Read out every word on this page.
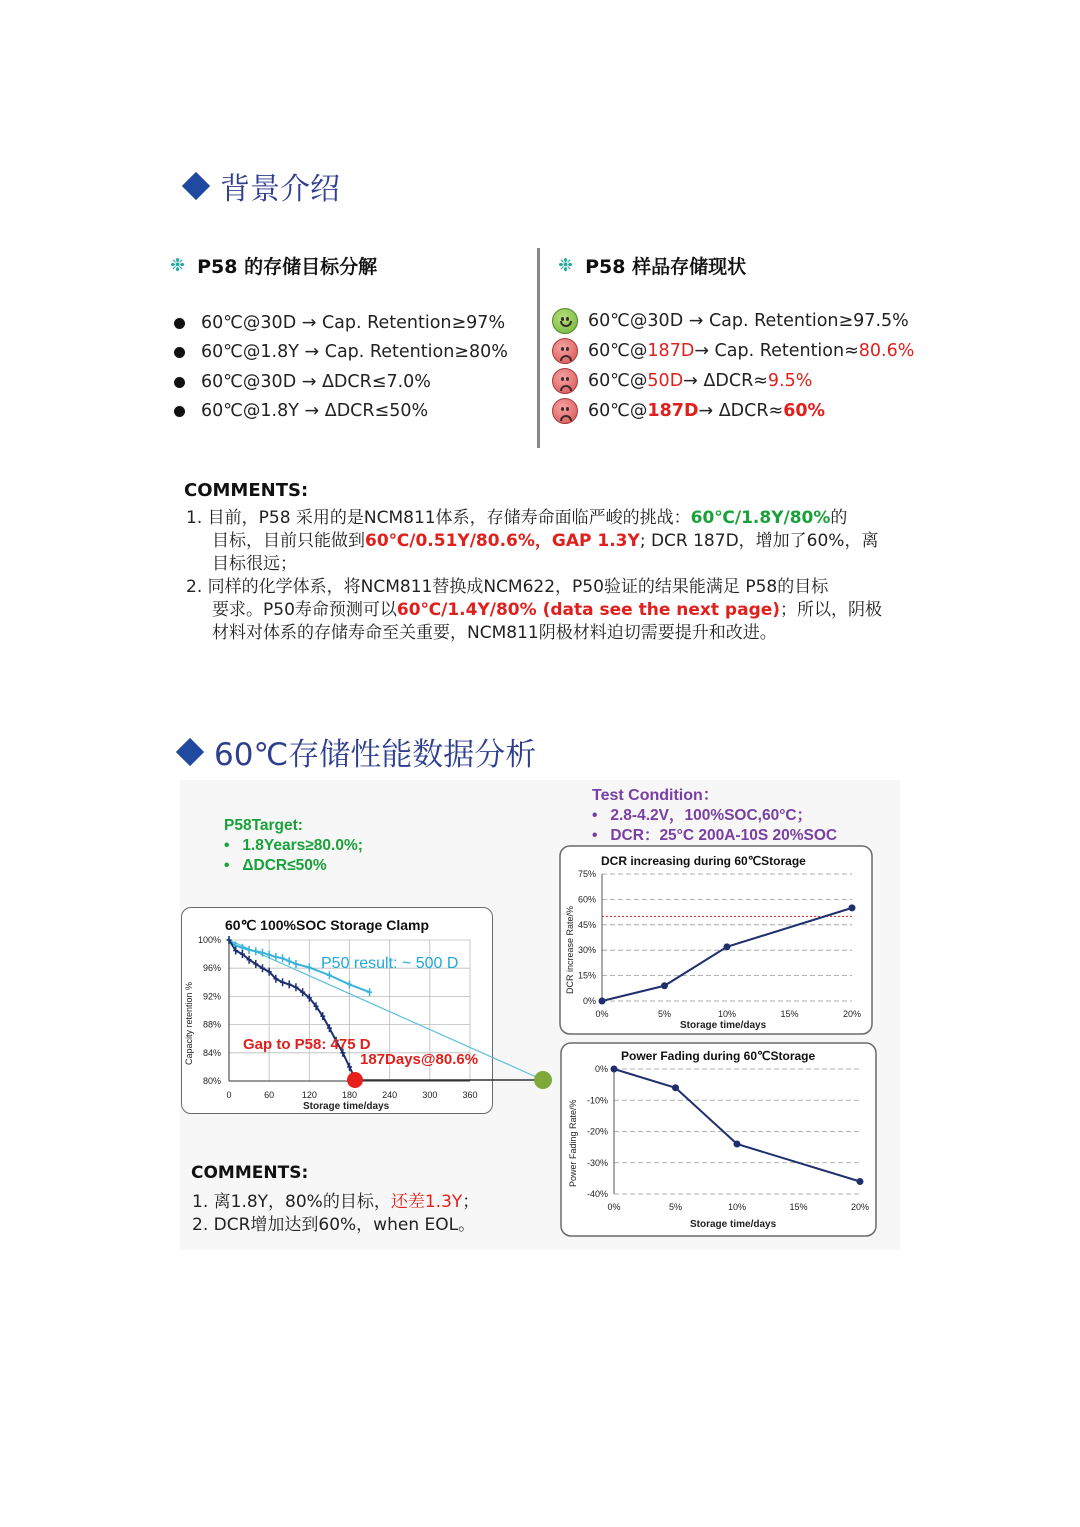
背景介绍
❉ P58 的存储目标分解
60℃@30D → Cap. Retention≥97%
60℃@1.8Y → Cap. Retention≥80%
60℃@30D → ΔDCR≤7.0%
60℃@1.8Y → ΔDCR≤50%
❉ P58 样品存储现状
60℃@30D → Cap. Retention≥97.5%
60℃@ 187D → Cap. Retention≈ 80.6%
60℃@ 50D → ΔDCR≈ 9.5%
60℃@ 187D → ΔDCR≈ 60%
COMMENTS:
1. 目前，P58 采用的是NCM811体系，存储寿命面临严峻的挑战：60℃/1.8Y/80%的
目标，目前只能做到60℃/0.51Y/80.6%，GAP 1.3Y; DCR 187D，增加了60%，离
目标很远；
2. 同样的化学体系，将NCM811替换成NCM622，P50验证的结果能满足 P58的目标
要求。P50寿命预测可以60℃/1.4Y/80% (data see the next page)；所以，阴极
材料对体系的存储寿命至关重要，NCM811阴极材料迫切需要提升和改进。
60℃存储性能数据分析
Test Condition：
•   2.8-4.2V，100%SOC,60°C；
•   DCR：25°C 200A-10S 20%SOC
P58Target:
•   1.8Years≥80.0%;
•   ΔDCR≤50%
60℃ 100%SOC Storage Clamp
Capacity retention %
Storage time/days
100%
96%
92%
88%
84%
80%
0	60	120	180	240	300	360
P50 result: ~ 500 D
Gap to P58: 475 D
187Days@80.6%
DCR increasing during 60℃Storage
DCR increase Rate/%
Storage time/days
75%
60%
45%
30%
15%
0%
0%	5%	10%	15%	20%
Power Fading during 60℃Storage
Power Fading Rate/%
Storage time/days
0%
-10%
-20%
-30%
-40%
0%	5%	10%	15%	20%
COMMENTS:
1. 离1.8Y，80%的目标，还差1.3Y；
2. DCR增加达到60%，when EOL。
